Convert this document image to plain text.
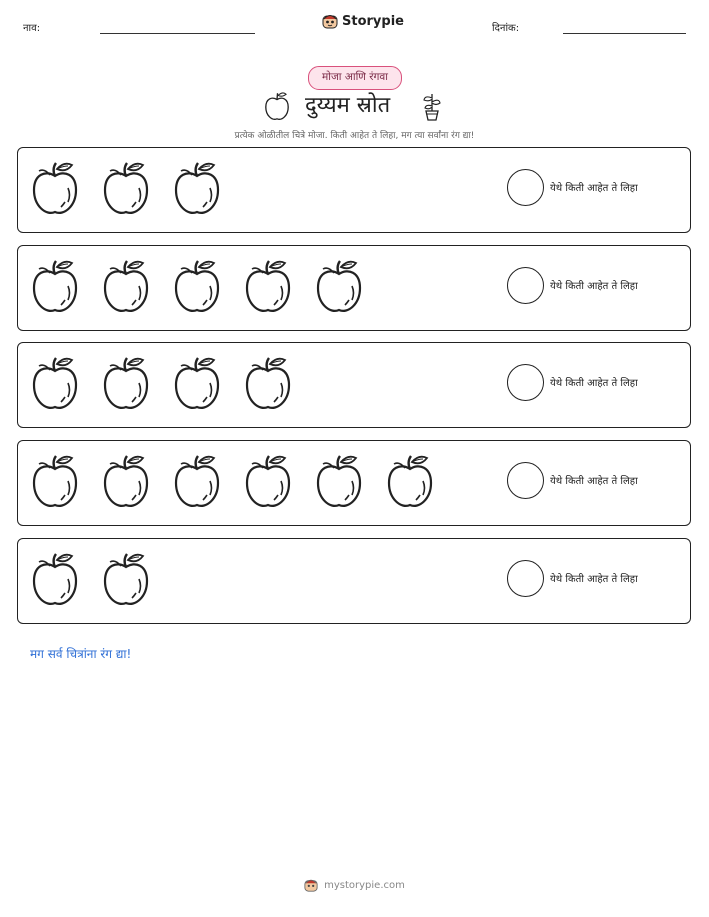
नाव:	Storypie	दिनांक:
मोजा आणि रंगवा
दुय्यम स्रोत
प्रत्येक ओळीतील चित्रे मोजा. किती आहेत ते लिहा, मग त्या सर्वांना रंग द्या!
येथे किती आहेत ते लिहा
येथे किती आहेत ते लिहा
येथे किती आहेत ते लिहा
येथे किती आहेत ते लिहा
येथे किती आहेत ते लिहा
मग सर्व चित्रांना रंग द्या!
mystorypie.com
